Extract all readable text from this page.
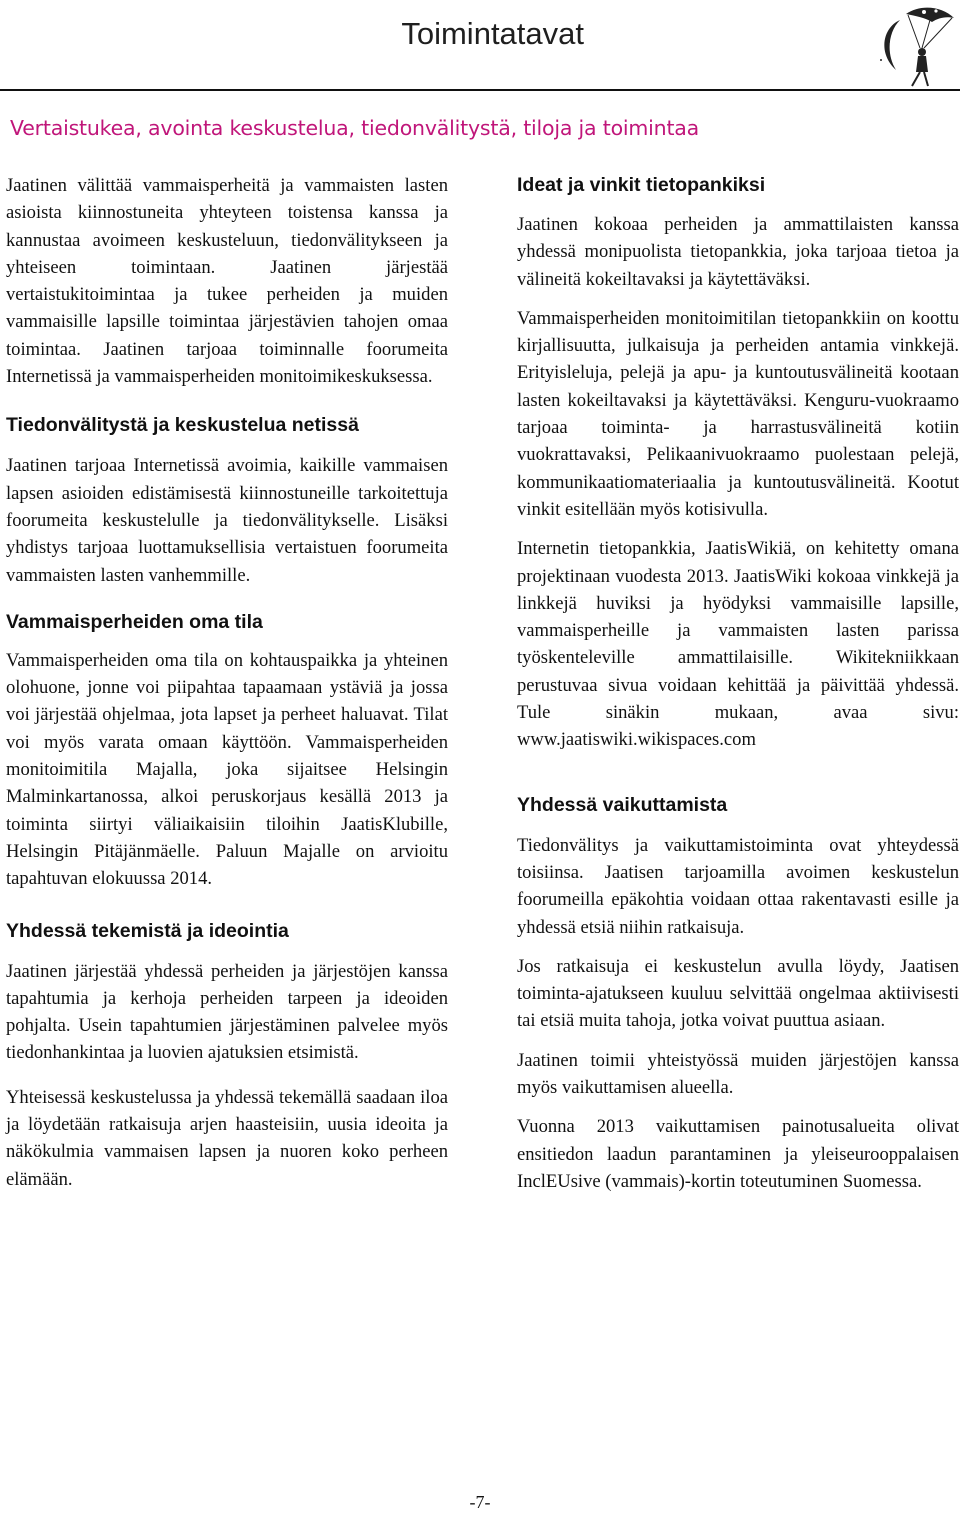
Toimintatavat
Vertaistukea, avointa keskustelua, tiedonvälitystä, tiloja ja toimintaa

Jaatinen välittää vammaisperheitä ja vammaisten lasten asioista kiinnostuneita yhteyteen toistensa kanssa ja kannustaa avoimeen keskusteluun, tiedonvälitykseen ja yhteiseen toimintaan. Jaatinen järjestää vertaistukitoimintaa ja tukee perheiden ja muiden vammaisille lapsille toimintaa järjestävien tahojen omaa toimintaa. Jaatinen tarjoaa toiminnalle foorumeita Internetissä ja vammaisperheiden monitoimikeskuksessa.

Tiedonvälitystä ja keskustelua netissä

Jaatinen tarjoaa Internetissä avoimia, kaikille vammaisen lapsen asioiden edistämisestä kiinnostuneille tarkoitettuja foorumeita keskustelulle ja tiedonvälitykselle. Lisäksi yhdistys tarjoaa luottamuksellisia vertaistuen foorumeita vammaisten lasten vanhemmille.

Vammaisperheiden oma tila

Vammaisperheiden oma tila on kohtauspaikka ja yhteinen olohuone, jonne voi piipahtaa tapaamaan ystäviä ja jossa voi järjestää ohjelmaa, jota lapset ja perheet haluavat. Tilat voi myös varata omaan käyttöön. Vammaisperheiden monitoimitila Majalla, joka sijaitsee Helsingin Malminkartanossa, alkoi peruskorjaus kesällä 2013 ja toiminta siirtyi väliaikaisiin tiloihin JaatisKlubille, Helsingin Pitäjänmäelle. Paluun Majalle on arvioitu tapahtuvan elokuussa 2014.

Yhdessä tekemistä ja ideointia

Jaatinen järjestää yhdessä perheiden ja järjestöjen kanssa tapahtumia ja kerhoja perheiden tarpeen ja ideoiden pohjalta. Usein tapahtumien järjestäminen palvelee myös tiedonhankintaa ja luovien ajatuksien etsimistä.

Yhteisessä keskustelussa ja yhdessä tekemällä saadaan iloa ja löydetään ratkaisuja arjen haasteisiin, uusia ideoita ja näkökulmia vammaisen lapsen ja nuoren koko perheen elämään.

Ideat ja vinkit tietopankiksi

Jaatinen kokoaa perheiden ja ammattilaisten kanssa yhdessä monipuolista tietopankkia, joka tarjoaa tietoa ja välineitä kokeiltavaksi ja käytettäväksi.

Vammaisperheiden monitoimitilan tietopankkiin on koottu kirjallisuutta, julkaisuja ja perheiden antamia vinkkejä. Erityisleluja, pelejä ja apu- ja kuntoutusvälineitä kootaan lasten kokeiltavaksi ja käytettäväksi. Kenguru-vuokraamo tarjoaa toiminta- ja harrastusvälineitä kotiin vuokrattavaksi, Pelikaanivuokraamo puolestaan pelejä, kommunikaatiomateriaalia ja kuntoutusvälineitä. Kootut vinkit esitellään myös kotisivulla.

Internetin tietopankkia, JaatisWikiä, on kehitetty omana projektinaan vuodesta 2013. JaatisWiki kokoaa vinkkejä ja linkkejä huviksi ja hyödyksi vammaisille lapsille, vammaisperheille ja vammaisten lasten parissa työskenteleville ammattilaisille. Wikitekniikkaan perustuvaa sivua voidaan kehittää ja päivittää yhdessä. Tule sinäkin mukaan, avaa sivu: www.jaatiswiki.wikispaces.com

Yhdessä vaikuttamista

Tiedonvälitys ja vaikuttamistoiminta ovat yhteydessä toisiinsa. Jaatisen tarjoamilla avoimen keskustelun foorumeilla epäkohtia voidaan ottaa rakentavasti esille ja yhdessä etsiä niihin ratkaisuja.

Jos ratkaisuja ei keskustelun avulla löydy, Jaatisen toiminta-ajatukseen kuuluu selvittää ongelmaa aktiivisesti tai etsiä muita tahoja, jotka voivat puuttua asiaan.

Jaatinen toimii yhteistyössä muiden järjestöjen kanssa myös vaikuttamisen alueella.

Vuonna 2013 vaikuttamisen painotusalueita olivat ensitiedon laadun parantaminen ja yleiseurooppalaisen InclEUsive (vammais)-kortin toteutuminen Suomessa.

-7-
